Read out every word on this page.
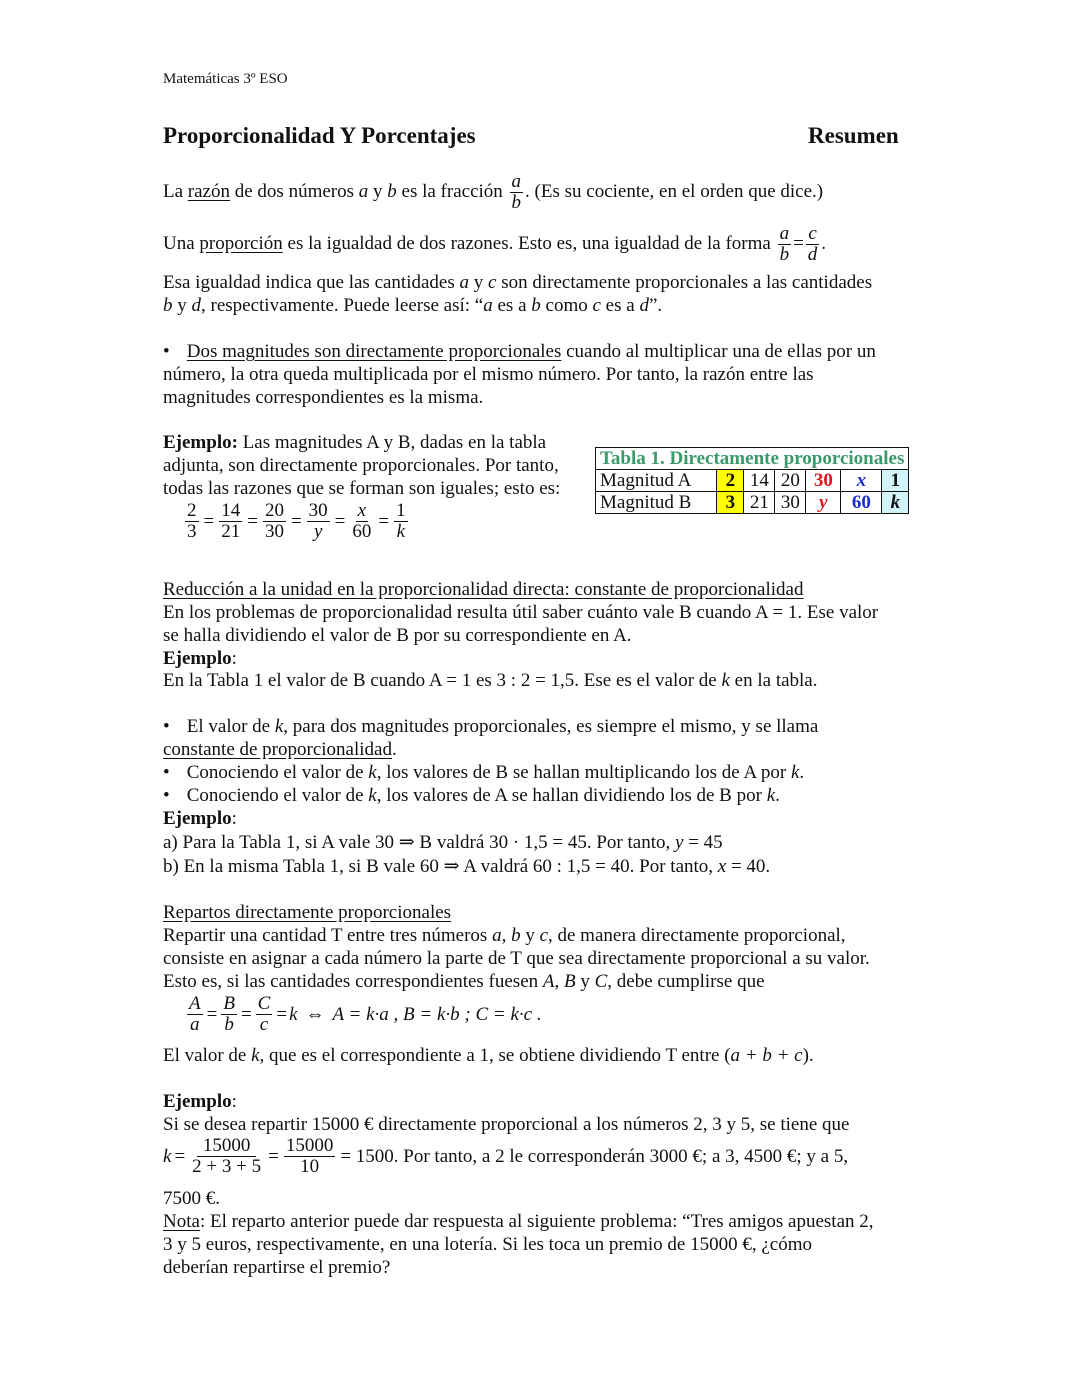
Matemáticas 3º ESO
Proporcionalidad Y Porcentajes	Resumen
La razón de dos números a y b es la fracción $\frac{a}{b}$ . (Es su cociente, en el orden que dice.)
Una proporción es la igualdad de dos razones. Esto es, una igualdad de la forma $\frac{a}{b} = \frac{c}{d}$ .
Esa igualdad indica que las cantidades a y c son directamente proporcionales a las cantidades
b y d, respectivamente. Puede leerse así: “a es a b como c es a d”.
• Dos magnitudes son directamente proporcionales cuando al multiplicar una de ellas por un
número, la otra queda multiplicada por el mismo número. Por tanto, la razón entre las
magnitudes correspondientes es la misma.
Ejemplo: Las magnitudes A y B, dadas en la tabla
adjunta, son directamente proporcionales. Por tanto,
todas las razones que se forman son iguales; esto es:
$\frac{2}{3} = \frac{14}{21} = \frac{20}{30} = \frac{30}{y} = \frac{x}{60} = \frac{1}{k}$
Tabla 1. Directamente proporcionales						
Magnitud A	2	14	20	30	x	1
Magnitud B	3	21	30	y	60	k
Reducción a la unidad en la proporcionalidad directa: constante de proporcionalidad
En los problemas de proporcionalidad resulta útil saber cuánto vale B cuando A = 1. Ese valor
se halla dividiendo el valor de B por su correspondiente en A.
Ejemplo:
En la Tabla 1 el valor de B cuando A = 1 es 3 : 2 = 1,5. Ese es el valor de k en la tabla.
• El valor de k, para dos magnitudes proporcionales, es siempre el mismo, y se llama
constante de proporcionalidad.
• Conociendo el valor de k, los valores de B se hallan multiplicando los de A por k.
• Conociendo el valor de k, los valores de A se hallan dividiendo los de B por k.
Ejemplo:
a) Para la Tabla 1, si A vale 30 ⇒ B valdrá 30 · 1,5 = 45. Por tanto, y = 45
b) En la misma Tabla 1, si B vale 60 ⇒ A valdrá 60 : 1,5 = 40. Por tanto, x = 40.
Repartos directamente proporcionales
Repartir una cantidad T entre tres números a, b y c, de manera directamente proporcional,
consiste en asignar a cada número la parte de T que sea directamente proporcional a su valor.
Esto es, si las cantidades correspondientes fuesen A, B y C, debe cumplirse que
$\frac{A}{a} = \frac{B}{b} = \frac{C}{c} = k$ ⇔ A = k·a , B = k·b ; C = k·c .
El valor de k, que es el correspondiente a 1, se obtiene dividiendo T entre (a + b + c).
Ejemplo:
Si se desea repartir 15000 € directamente proporcional a los números 2, 3 y 5, se tiene que
$k = \frac{15000}{2 + 3 + 5} = \frac{15000}{10} = 1500$ . Por tanto, a 2 le corresponderán 3000 €; a 3, 4500 €; y a 5,
7500 €.
Nota: El reparto anterior puede dar respuesta al siguiente problema: “Tres amigos apuestan 2,
3 y 5 euros, respectivamente, en una lotería. Si les toca un premio de 15000 €, ¿cómo
deberían repartirse el premio?
